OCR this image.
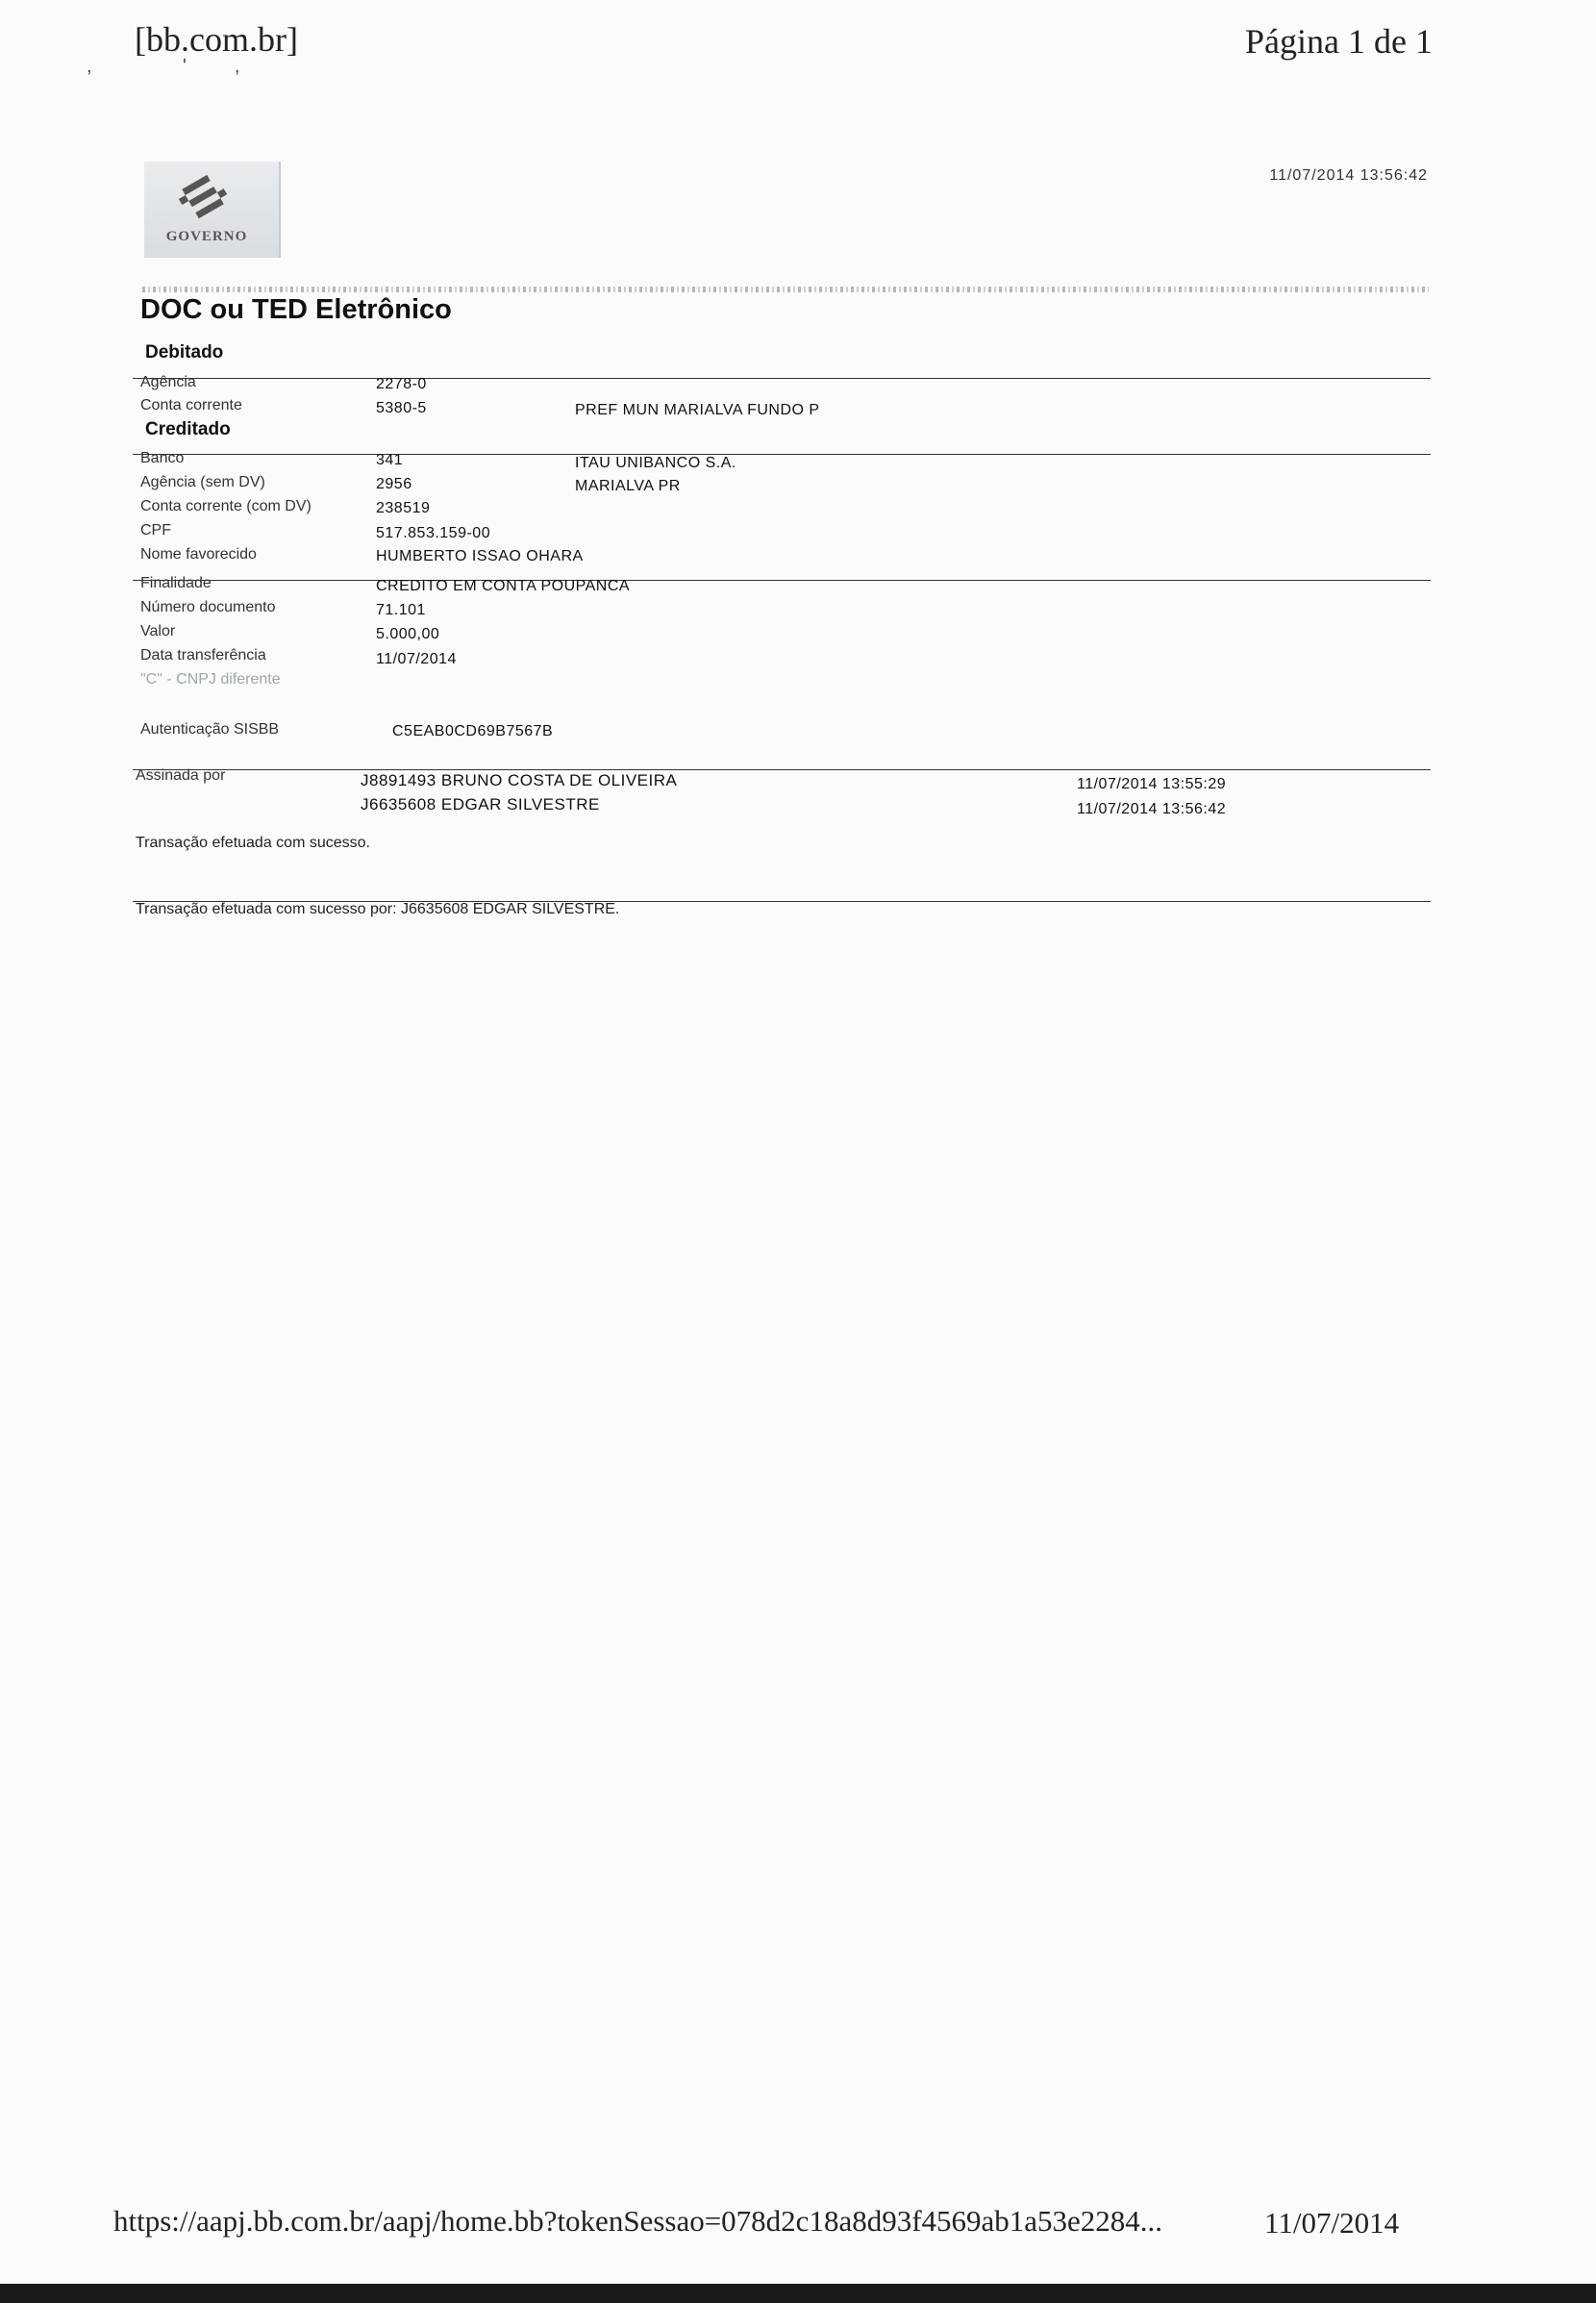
[bb.com.br]	Página 1 de 1
,                 '         ,
GOVERNO
11/07/2014 13:56:42
DOC ou TED Eletrônico
Debitado
Agência	2278-0
Conta corrente	5380-5	PREF MUN MARIALVA FUNDO P
Creditado
Banco	341	ITAU UNIBANCO S.A.
Agência (sem DV)	2956	MARIALVA PR
Conta corrente (com DV)	238519
CPF	517.853.159-00
Nome favorecido	HUMBERTO ISSAO OHARA
Finalidade	CREDITO EM CONTA POUPANCA
Número documento	71.101
Valor	5.000,00
Data transferência	11/07/2014
"C" - CNPJ diferente
Autenticação SISBB	C5EAB0CD69B7567B
Assinada por	J8891493 BRUNO COSTA DE OLIVEIRA	11/07/2014 13:55:29
J6635608 EDGAR SILVESTRE	11/07/2014 13:56:42
Transação efetuada com sucesso.
Transação efetuada com sucesso por: J6635608 EDGAR SILVESTRE.
https://aapj.bb.com.br/aapj/home.bb?tokenSessao=078d2c18a8d93f4569ab1a53e2284...	11/07/2014
